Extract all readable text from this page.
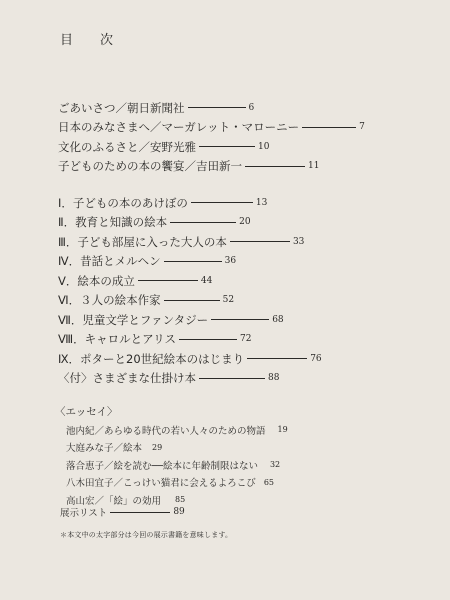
目　次
ごあいさつ／朝日新聞社	6
日本のみなさまへ／マーガレット・マローニー	7
文化のふるさと／安野光雅	10
子どものための本の饗宴／吉田新一	11
Ⅰ．子どもの本のあけぼの	13
Ⅱ．教育と知識の絵本	20
Ⅲ．子ども部屋に入った大人の本	33
Ⅳ．昔話とメルヘン	36
Ⅴ．絵本の成立	44
Ⅵ．３人の絵本作家	52
Ⅶ．児童文学とファンタジー	68
Ⅷ．キャロルとアリス	72
Ⅸ．ポターと20世紀絵本のはじまり	76
〈付〉さまざまな仕掛け本	88
〈エッセイ〉
池内紀／あらゆる時代の若い人々のための物語 19
大庭みな子／絵本 29
落合恵子／絵を読む──絵本に年齢制限はない 32
八木田宜子／こっけい猫君に会えるよろこび 65
高山宏／「絵」の効用 85
展示リスト	89
＊本文中の太字部分は今回の展示書籍を意味します。
